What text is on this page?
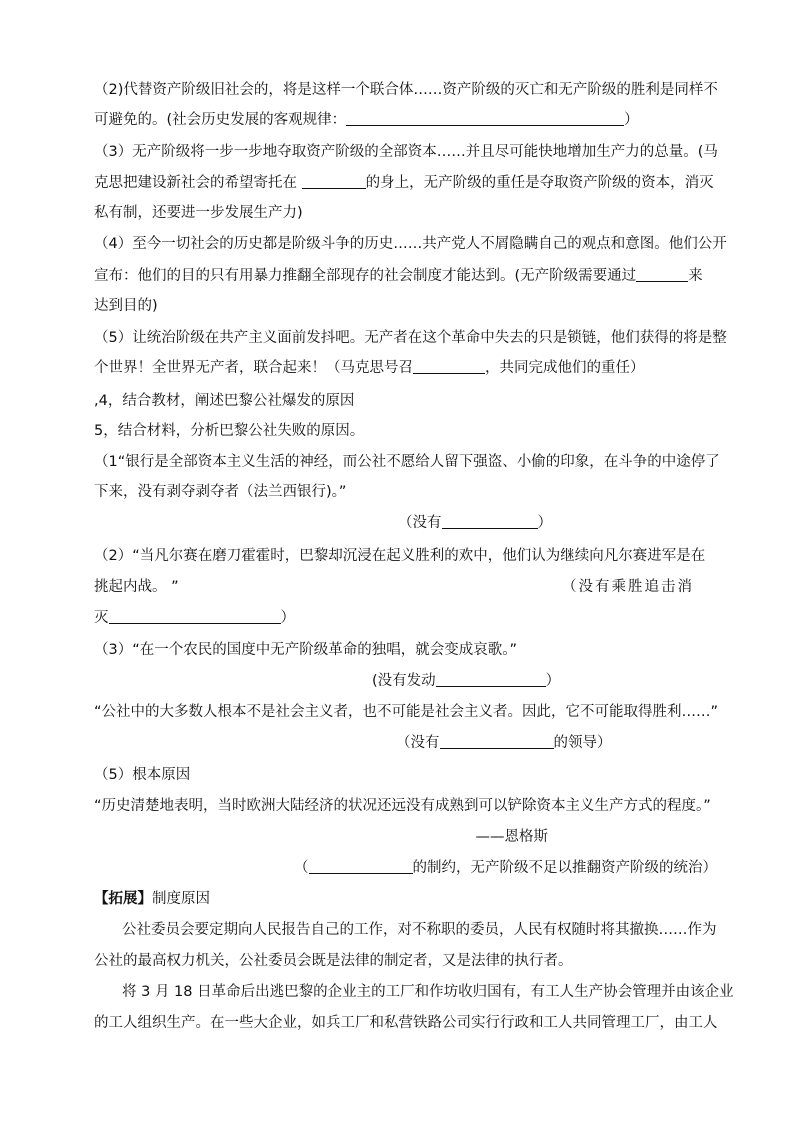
（2)代替资产阶级旧社会的，将是这样一个联合体……资产阶级的灭亡和无产阶级的胜利是同样不
可避免的。(社会历史发展的客观规律：	）
（3）无产阶级将一步一步地夺取资产阶级的全部资本……并且尽可能快地增加生产力的总量。(马
克思把建设新社会的希望寄托在	的身上，无产阶级的重任是夺取资产阶级的资本，消灭
私有制，还要进一步发展生产力)
（4）至今一切社会的历史都是阶级斗争的历史……共产党人不屑隐瞒自己的观点和意图。他们公开
宣布：他们的目的只有用暴力推翻全部现存的社会制度才能达到。(无产阶级需要通过	来
达到目的)
（5）让统治阶级在共产主义面前发抖吧。无产者在这个革命中失去的只是锁链，他们获得的将是整
个世界！全世界无产者，联合起来！（马克思号召	，共同完成他们的重任）
,4，结合教材，阐述巴黎公社爆发的原因
5，结合材料，分析巴黎公社失败的原因。
（1“银行是全部资本主义生活的神经，而公社不愿给人留下强盗、小偷的印象，在斗争的中途停了
下来，没有剥夺剥夺者（法兰西银行)。”
（没有	）
（2）“当凡尔赛在磨刀霍霍时，巴黎却沉浸在起义胜利的欢中，他们认为继续向凡尔赛进军是在
挑起内战。 ”	（没有乘胜追击消
灭	）
（3）“在一个农民的国度中无产阶级革命的独唱，就会变成哀歌。”
(没有发动	）
“公社中的大多数人根本不是社会主义者，也不可能是社会主义者。因此，它不可能取得胜利……”
（没有	的领导）
（5）根本原因
“历史清楚地表明，当时欧洲大陆经济的状况还远没有成熟到可以铲除资本主义生产方式的程度。”
——恩格斯
（	的制约，无产阶级不足以推翻资产阶级的统治）
【拓展】制度原因
公社委员会要定期向人民报告自己的工作，对不称职的委员，人民有权随时将其撤换……作为
公社的最高权力机关，公社委员会既是法律的制定者，又是法律的执行者。
将 3 月 18 日革命后出逃巴黎的企业主的工厂和作坊收归国有，有工人生产协会管理并由该企业
的工人组织生产。在一些大企业，如兵工厂和私营铁路公司实行行政和工人共同管理工厂，由工人
